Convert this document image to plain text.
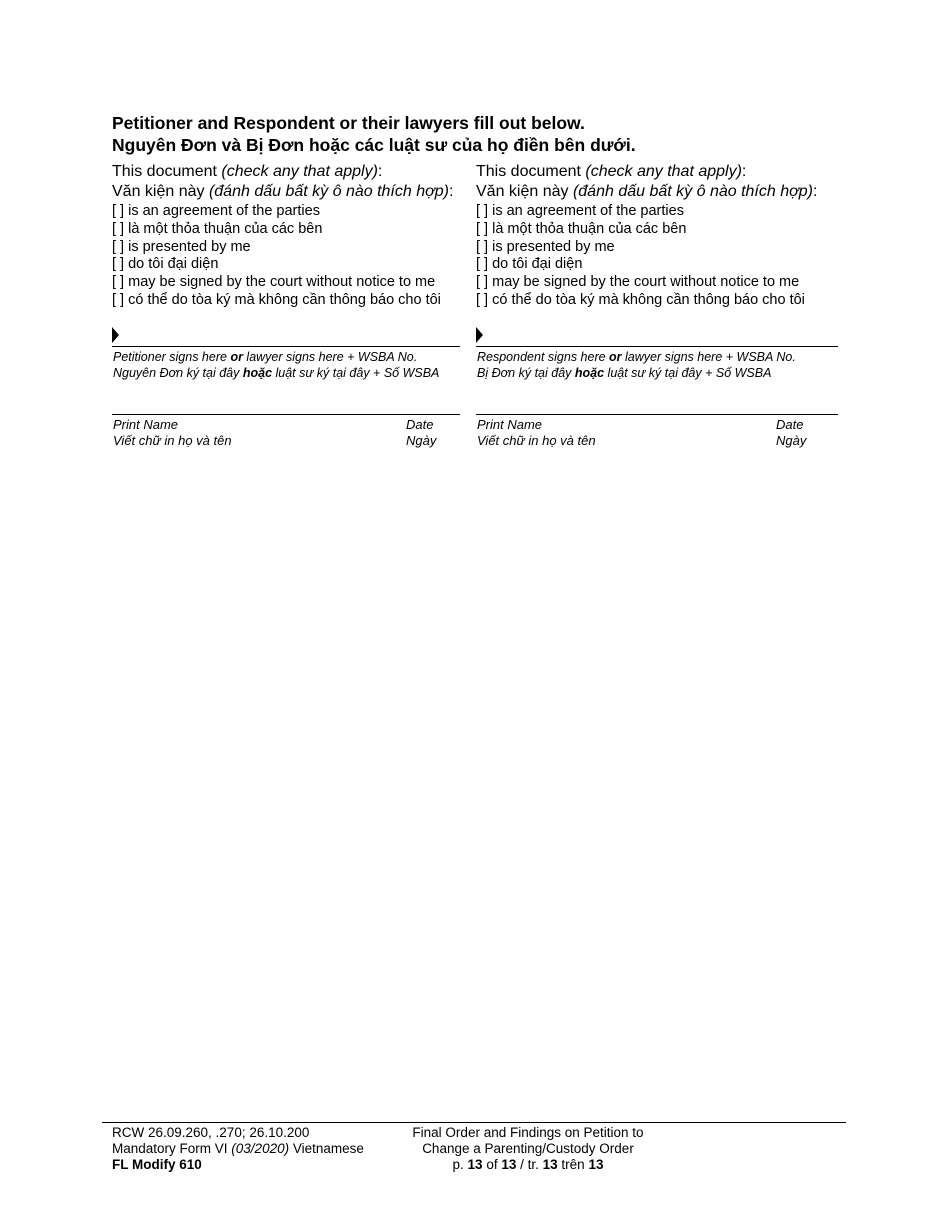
Petitioner and Respondent or their lawyers fill out below.
Nguyên Đơn và Bị Đơn hoặc các luật sư của họ điền bên dưới.
This document (check any that apply):
Văn kiện này (đánh dấu bất kỳ ô nào thích hợp):
[ ] is an agreement of the parties
[ ] là một thỏa thuận của các bên
[ ] is presented by me
[ ] do tôi đại diện
[ ] may be signed by the court without notice to me
[ ] có thể do tòa ký mà không cần thông báo cho tôi
Petitioner signs here or lawyer signs here + WSBA No.
Nguyên Đơn ký tại đây hoặc luật sư ký tại đây + Số WSBA
Print Name
Viết chữ in họ và tên
Date
Ngày
This document (check any that apply):
Văn kiện này (đánh dấu bất kỳ ô nào thích hợp):
[ ] is an agreement of the parties
[ ] là một thỏa thuận của các bên
[ ] is presented by me
[ ] do tôi đại diện
[ ] may be signed by the court without notice to me
[ ] có thể do tòa ký mà không cần thông báo cho tôi
Respondent signs here or lawyer signs here + WSBA No.
Bị Đơn ký tại đây hoặc luật sư ký tại đây + Số WSBA
Print Name
Viết chữ in họ và tên
Date
Ngày
RCW 26.09.260, .270; 26.10.200
Mandatory Form VI (03/2020) Vietnamese
FL Modify 610
Final Order and Findings on Petition to
Change a Parenting/Custody Order
p. 13 of 13 / tr. 13 trên 13
